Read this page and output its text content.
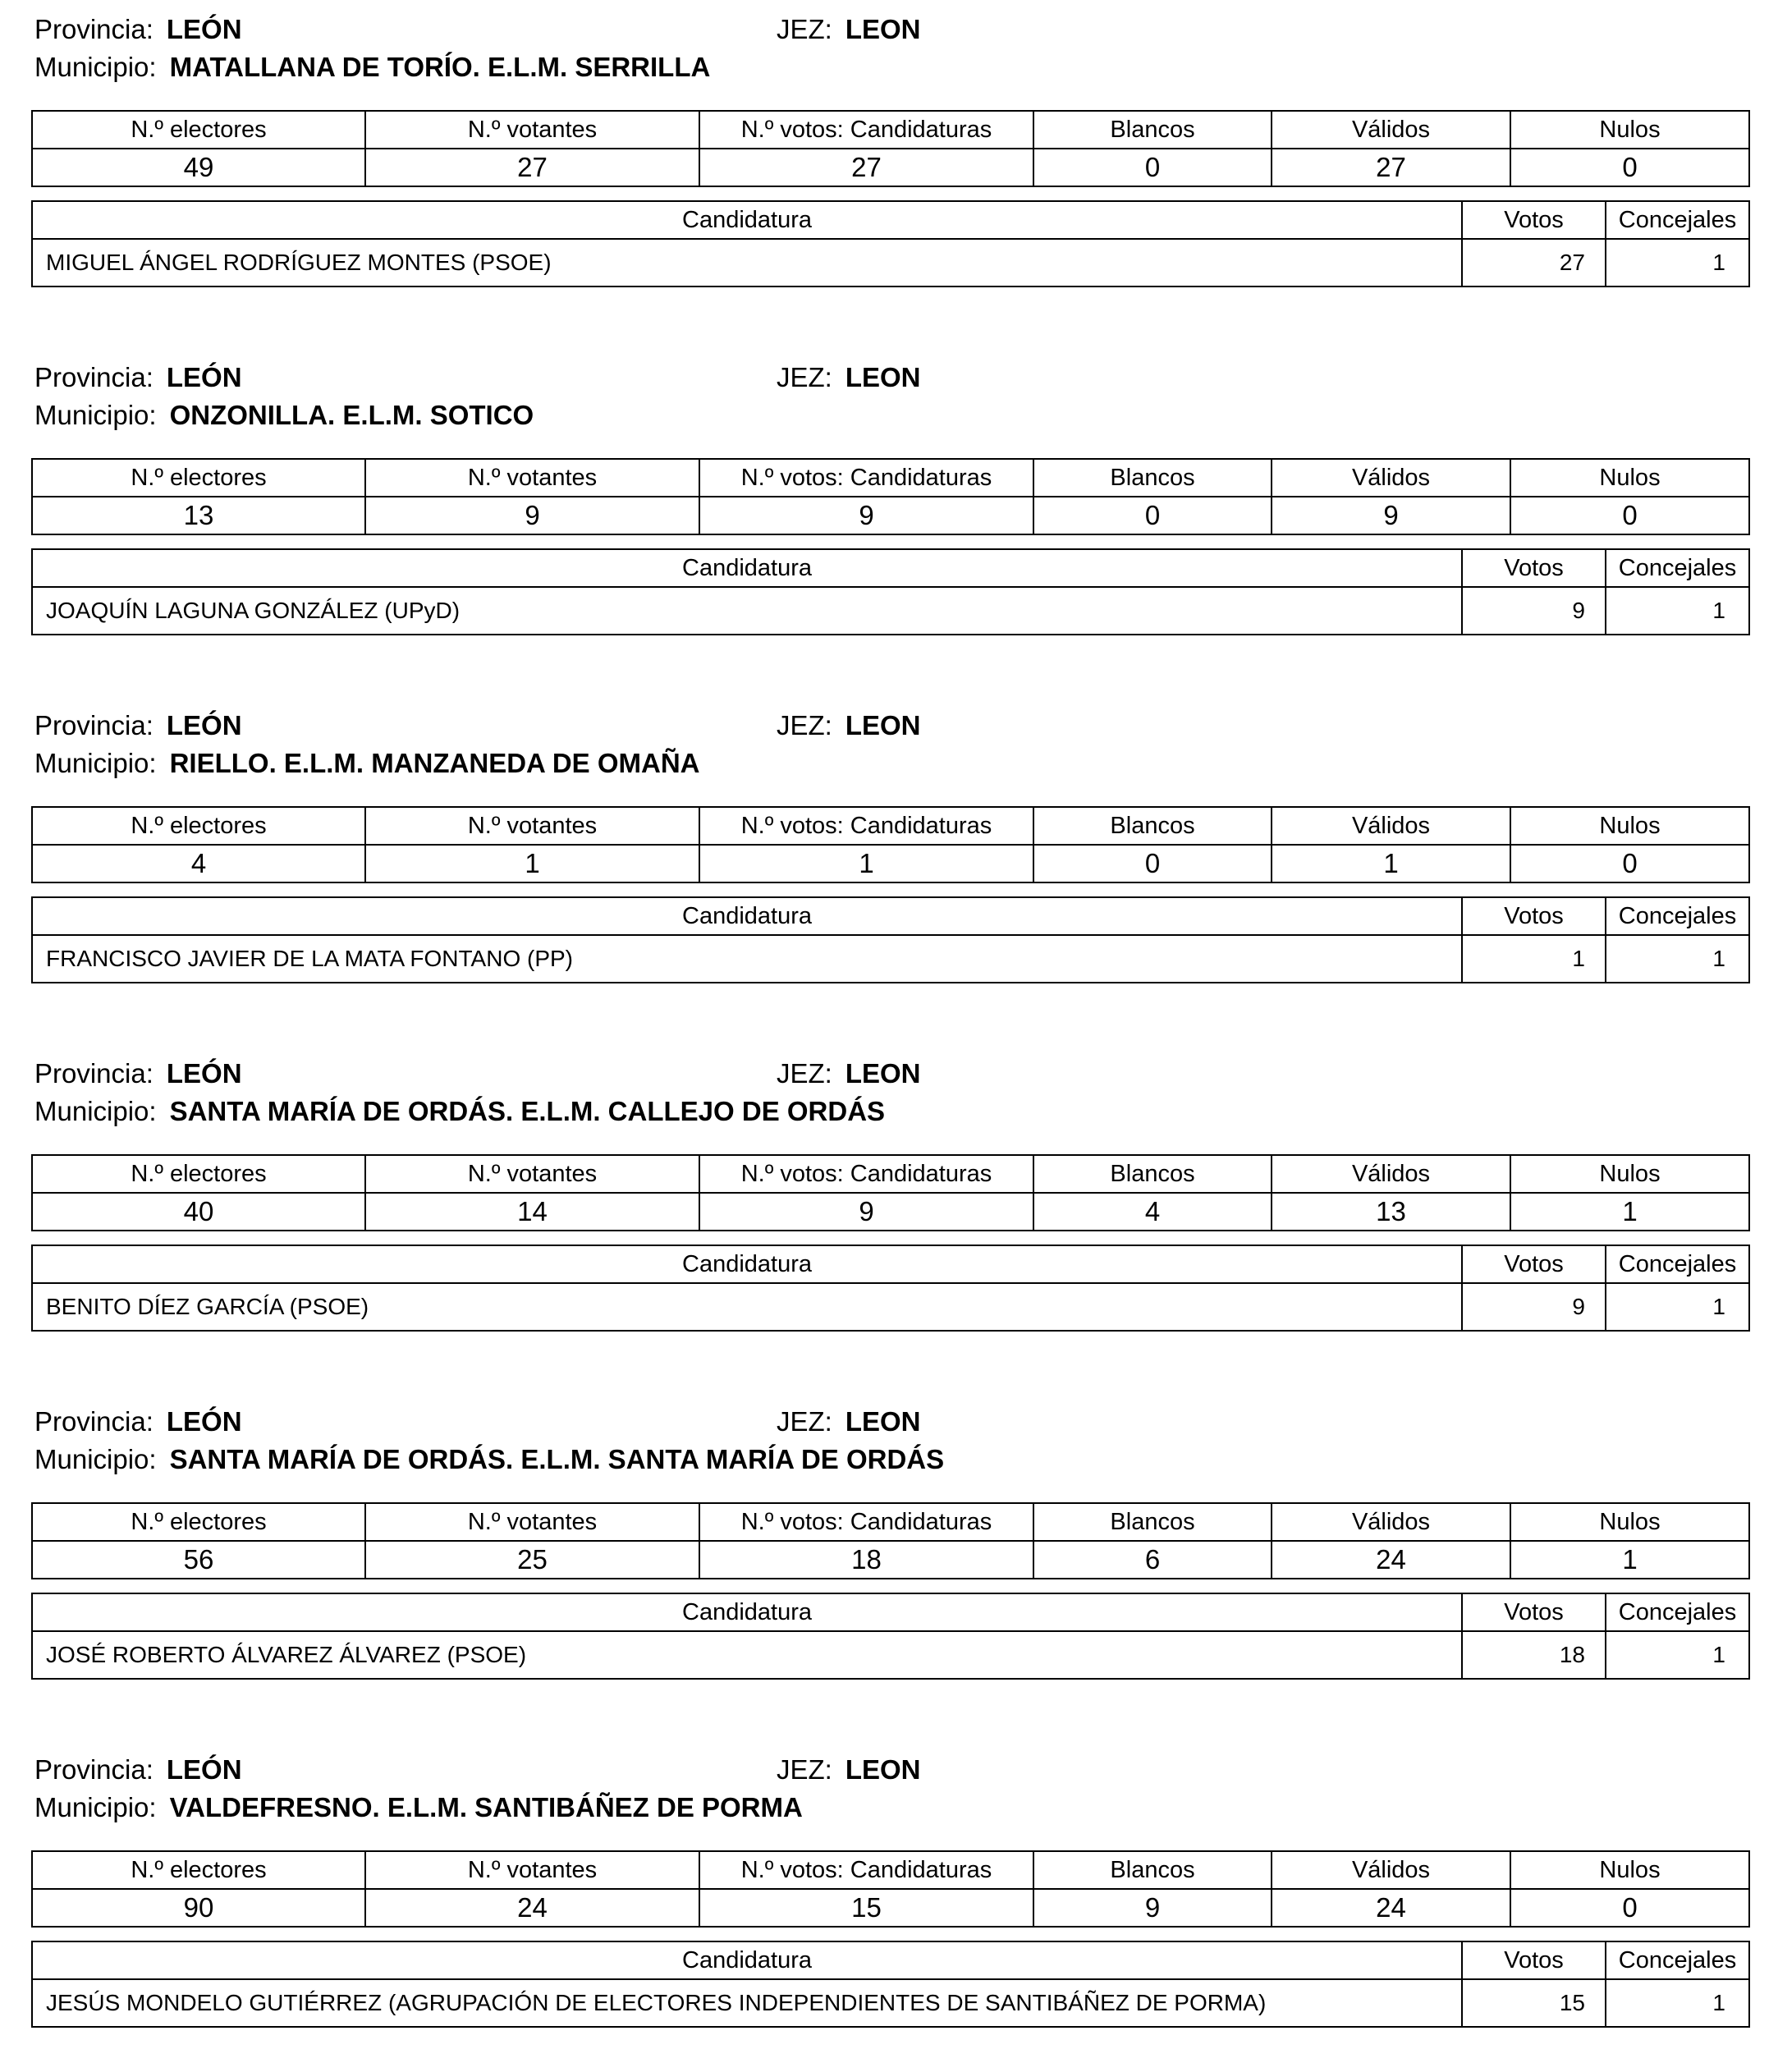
Provincia: LEÓN	JEZ: LEON
Municipio: MATALLANA DE TORÍO. E.L.M. SERRILLA
N.º electores	N.º votantes	N.º votos: Candidaturas	Blancos	Válidos	Nulos
49	27	27	0	27	0
Candidatura	Votos	Concejales
MIGUEL ÁNGEL RODRÍGUEZ MONTES (PSOE)	27	1
Provincia: LEÓN	JEZ: LEON
Municipio: ONZONILLA. E.L.M. SOTICO
N.º electores	N.º votantes	N.º votos: Candidaturas	Blancos	Válidos	Nulos
13	9	9	0	9	0
Candidatura	Votos	Concejales
JOAQUÍN LAGUNA GONZÁLEZ (UPyD)	9	1
Provincia: LEÓN	JEZ: LEON
Municipio: RIELLO. E.L.M. MANZANEDA DE OMAÑA
N.º electores	N.º votantes	N.º votos: Candidaturas	Blancos	Válidos	Nulos
4	1	1	0	1	0
Candidatura	Votos	Concejales
FRANCISCO JAVIER DE LA MATA FONTANO (PP)	1	1
Provincia: LEÓN	JEZ: LEON
Municipio: SANTA MARÍA DE ORDÁS. E.L.M. CALLEJO DE ORDÁS
N.º electores	N.º votantes	N.º votos: Candidaturas	Blancos	Válidos	Nulos
40	14	9	4	13	1
Candidatura	Votos	Concejales
BENITO DÍEZ GARCÍA (PSOE)	9	1
Provincia: LEÓN	JEZ: LEON
Municipio: SANTA MARÍA DE ORDÁS. E.L.M. SANTA MARÍA DE ORDÁS
N.º electores	N.º votantes	N.º votos: Candidaturas	Blancos	Válidos	Nulos
56	25	18	6	24	1
Candidatura	Votos	Concejales
JOSÉ ROBERTO ÁLVAREZ ÁLVAREZ (PSOE)	18	1
Provincia: LEÓN	JEZ: LEON
Municipio: VALDEFRESNO. E.L.M. SANTIBÁÑEZ DE PORMA
N.º electores	N.º votantes	N.º votos: Candidaturas	Blancos	Válidos	Nulos
90	24	15	9	24	0
Candidatura	Votos	Concejales
JESÚS MONDELO GUTIÉRREZ (AGRUPACIÓN DE ELECTORES INDEPENDIENTES DE SANTIBÁÑEZ DE PORMA)	15	1
